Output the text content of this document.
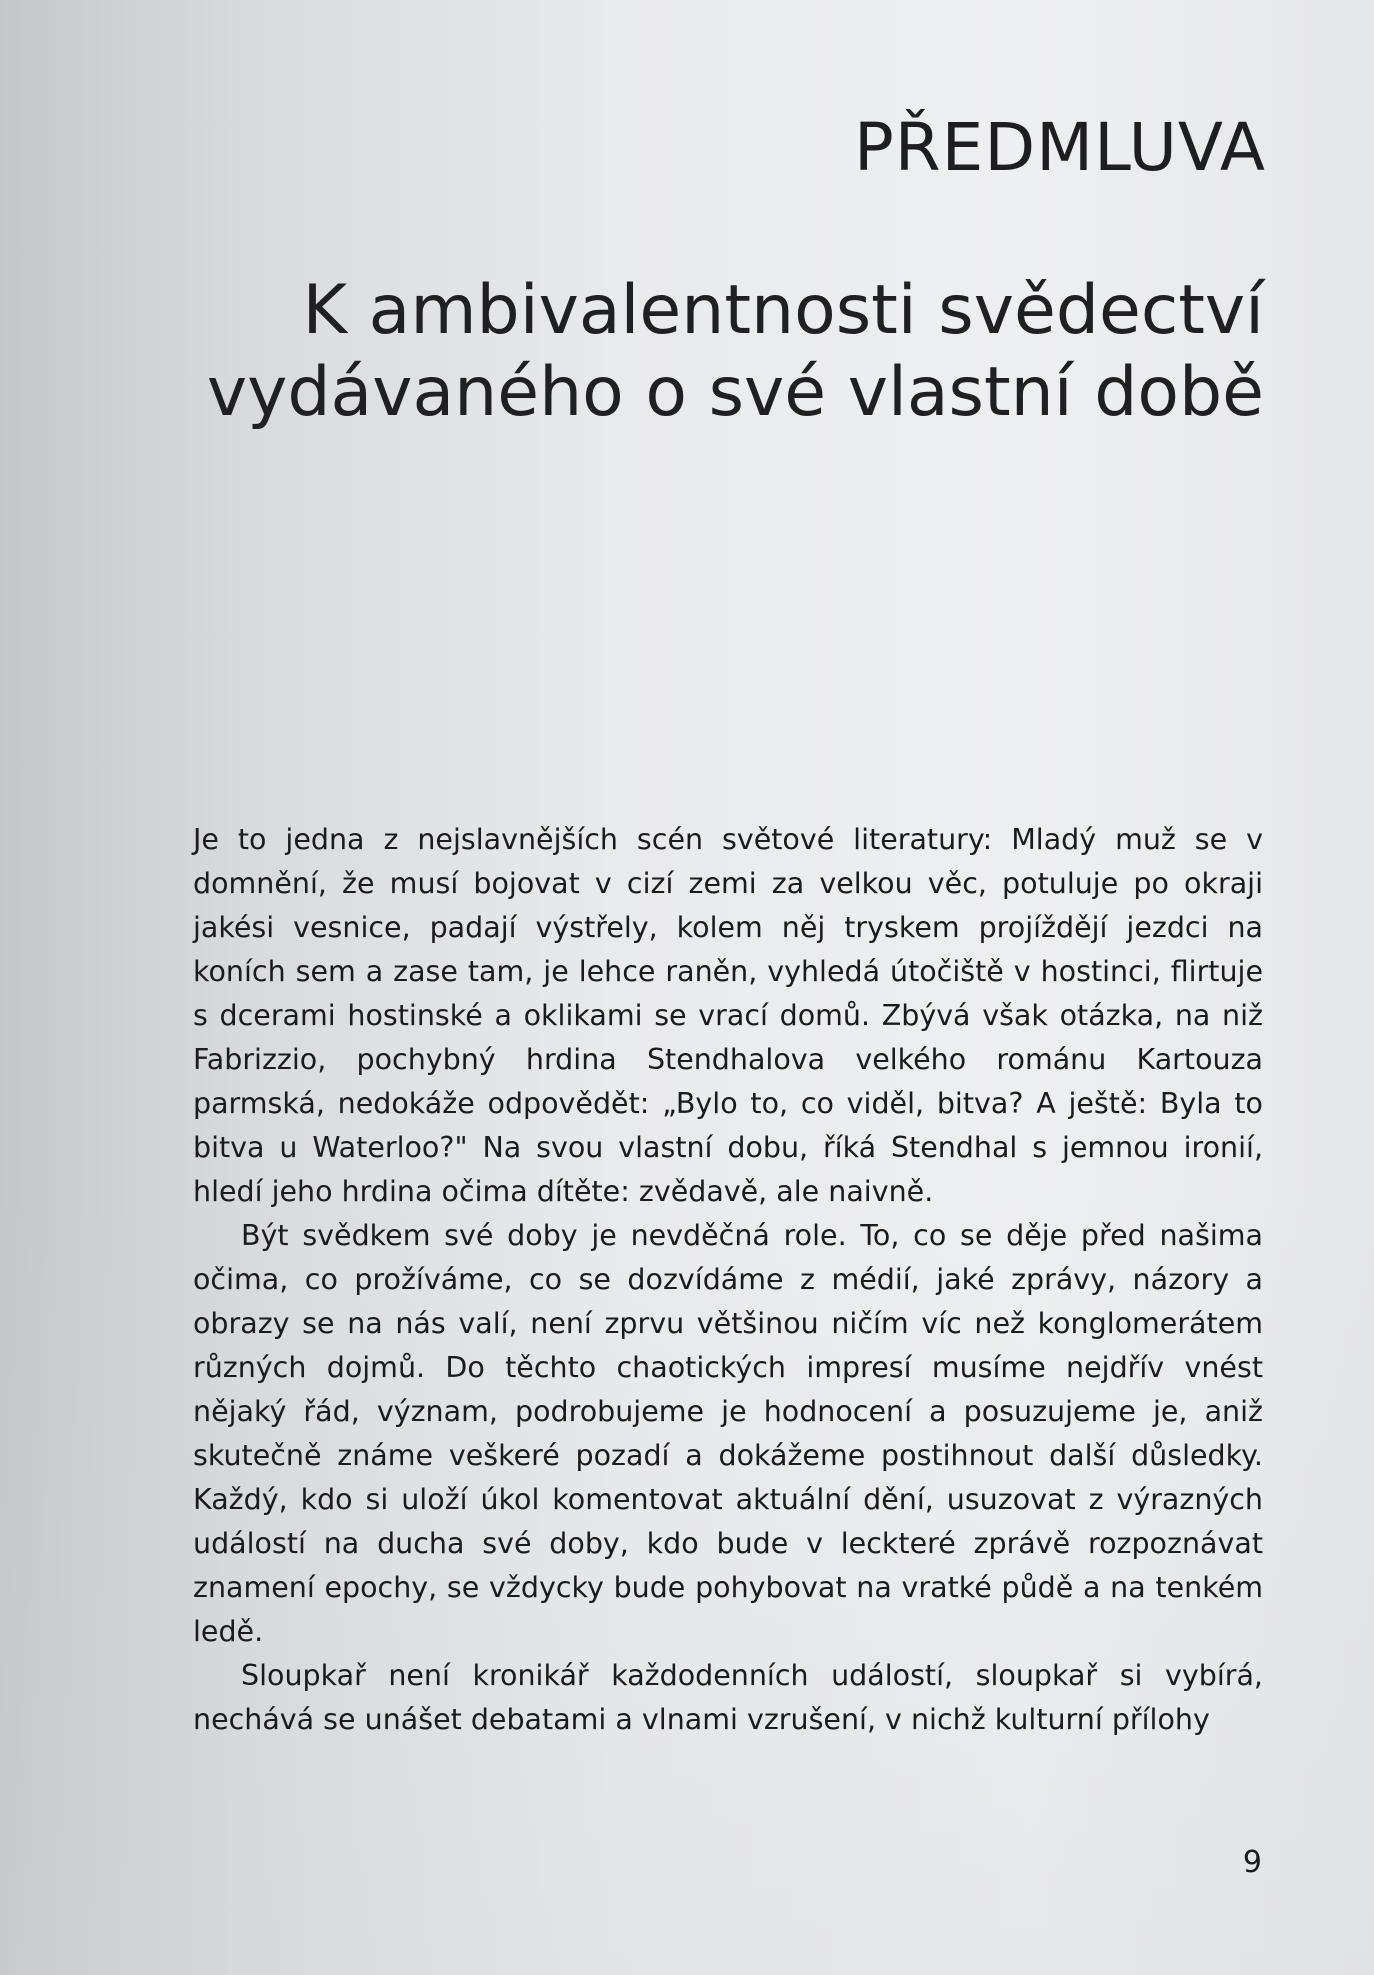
PŘEDMLUVA
K ambivalentnosti svědectví
vydávaného o své vlastní době

Je to jedna z nejslavnějších scén světové literatury: Mladý muž se v domnění, že musí bojovat v cizí zemi za velkou věc, potuluje po okraji jakési vesnice, padají výstřely, kolem něj tryskem projíždějí jezdci na koních sem a zase tam, je lehce raněn, vyhledá útočiště v hostinci, flirtuje s dcerami hostinské a oklikami se vrací domů. Zbývá však otázka, na niž Fabrizzio, pochybný hrdina Stendhalova velkého románu Kartouza parmská, nedokáže odpovědět: „Bylo to, co viděl, bitva? A ještě: Byla to bitva u Waterloo?" Na svou vlastní dobu, říká Stendhal s jemnou ironií, hledí jeho hrdina očima dítěte: zvědavě, ale naivně.

Být svědkem své doby je nevděčná role. To, co se děje před našima očima, co prožíváme, co se dozvídáme z médií, jaké zprávy, názory a obrazy se na nás valí, není zprvu většinou ničím víc než konglomerátem různých dojmů. Do těchto chaotických impresí musíme nejdřív vnést nějaký řád, význam, podrobujeme je hodnocení a posuzujeme je, aniž skutečně známe veškeré pozadí a dokážeme postihnout další důsledky. Každý, kdo si uloží úkol komentovat aktuální dění, usuzovat z výrazných událostí na ducha své doby, kdo bude v leckteré zprávě rozpoznávat znamení epochy, se vždycky bude pohybovat na vratké půdě a na tenkém ledě.

Sloupkař není kronikář každodenních událostí, sloupkař si vybírá, nechává se unášet debatami a vlnami vzrušení, v nichž kulturní přílohy

9
